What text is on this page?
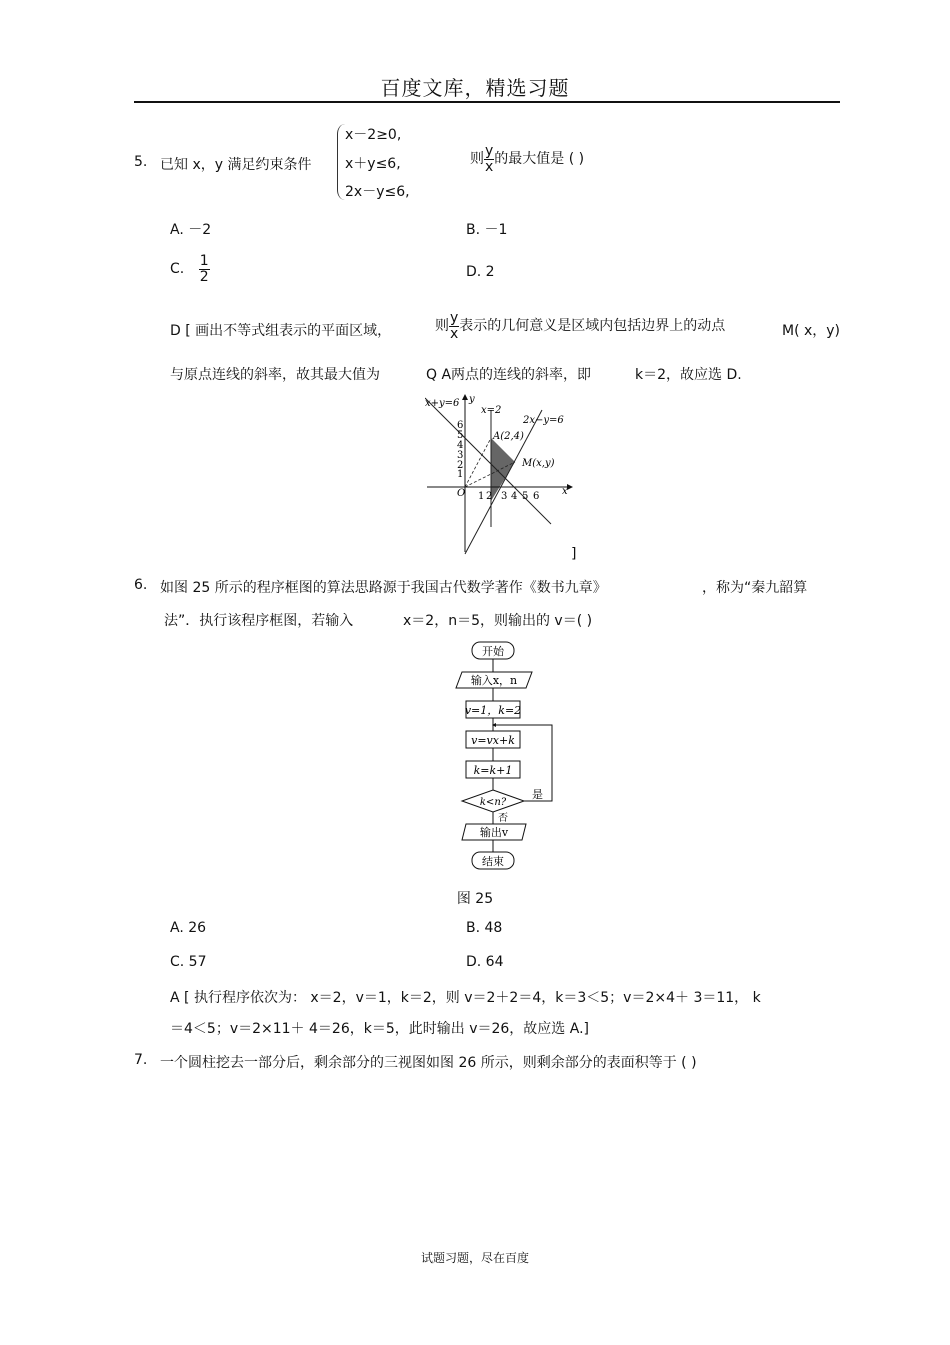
百度文库，精选习题
5. 已知 x，y 满足约束条件
x－2≥0,
x＋y≤6,
2x－y≤6,
则 $\frac{y}{x}$ 的最大值是 ( )
A. －2	B. －1
C. $\frac{1}{2}$	D. 2
D [ 画出不等式组表示的平面区域，	则 $\frac{y}{x}$ 表示的几何意义是区域内包括边界上的动点	M( x，y)
与原点连线的斜率，故其最大值为	Q A两点的连线的斜率，即	k＝2，故应选 D.
x+y=6
x=2
2x−y=6
A(2,4)
M(x,y)
O	x
y
1
2
3
4
5
6
1 2 3 4 5 6
]
6. 如图 25 所示的程序框图的算法思路源于我国古代数学著作《数书九章》	，称为“秦九韶算
法”．执行该程序框图，若输入	x＝2，n＝5，则输出的 v＝( )
开始
输入x，n
v=1，k=2
v=vx+k
k=k+1
k<n?
是
否
输出v
结束
图 25
A. 26	B. 48
C. 57	D. 64
A [ 执行程序依次为： x＝2，v＝1，k＝2，则 v＝2＋2＝4，k＝3＜5；v＝2×4＋ 3＝11， k
＝4＜5；v＝2×11＋ 4＝26，k＝5，此时输出 v＝26，故应选 A.]
7. 一个圆柱挖去一部分后，剩余部分的三视图如图 26 所示，则剩余部分的表面积等于 ( )
试题习题，尽在百度
